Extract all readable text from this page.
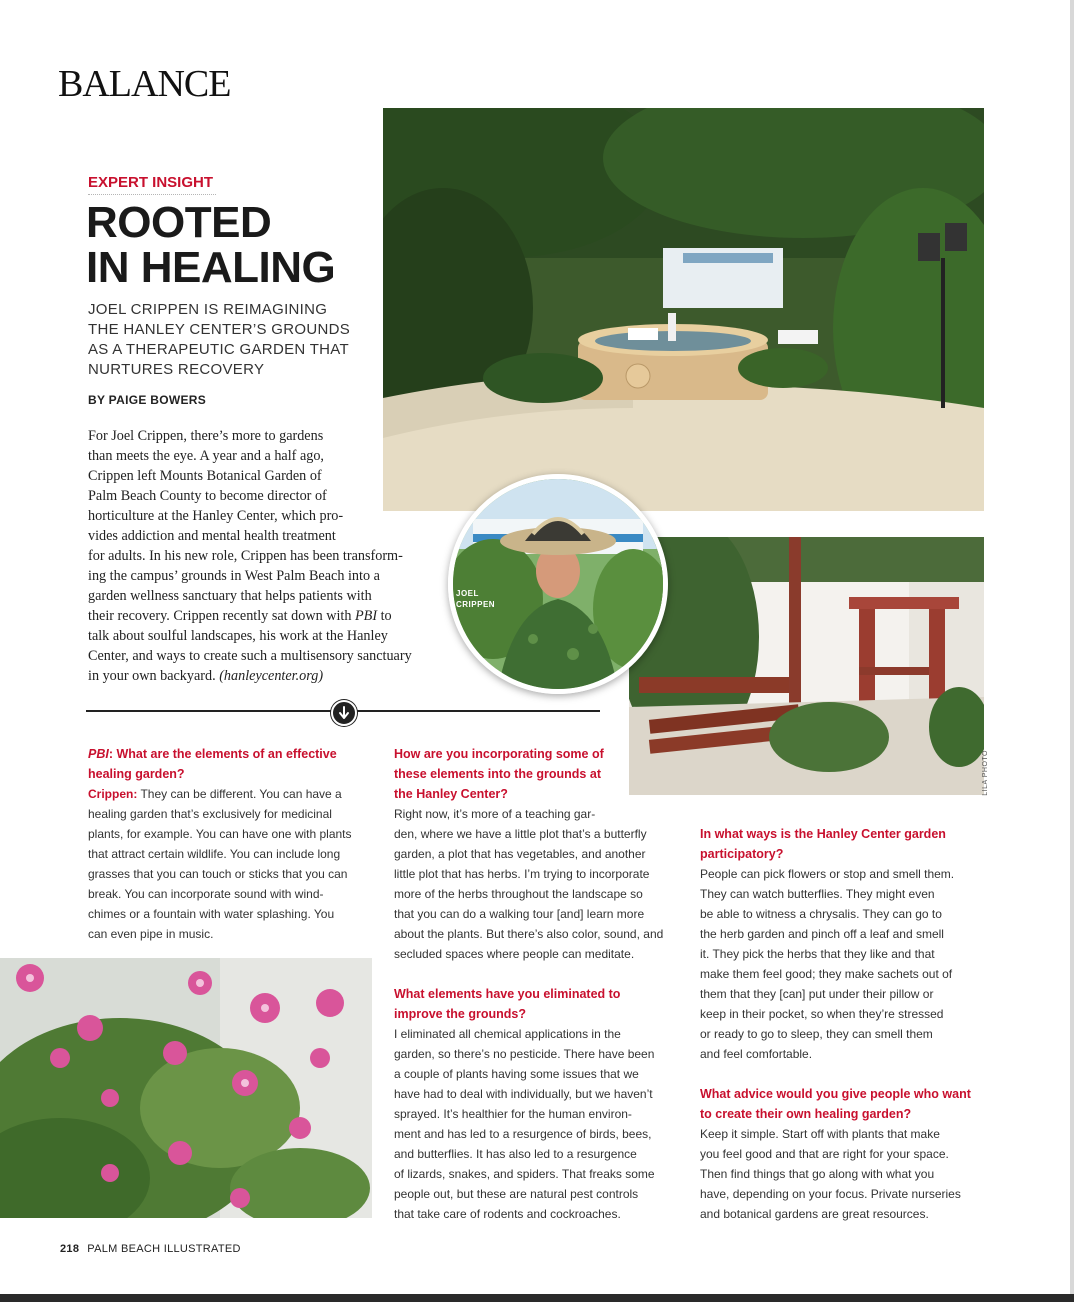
BALANCE
LILA PHOTO
JOEL
CRIPPEN
EXPERT INSIGHT
ROOTED
IN HEALING
JOEL CRIPPEN IS REIMAGINING
THE HANLEY CENTER’S GROUNDS
AS A THERAPEUTIC GARDEN THAT
NURTURES RECOVERY
BY PAIGE BOWERS
For Joel Crippen, there’s more to gardens
than meets the eye. A year and a half ago,
Crippen left Mounts Botanical Garden of
Palm Beach County to become director of
horticulture at the Hanley Center, which pro-
vides addiction and mental health treatment
for adults. In his new role, Crippen has been transform-
ing the campus’ grounds in West Palm Beach into a
garden wellness sanctuary that helps patients with
their recovery. Crippen recently sat down with PBI to
talk about soulful landscapes, his work at the Hanley
Center, and ways to create such a multisensory sanctuary
in your own backyard. (hanleycenter.org)
PBI: What are the elements of an effective
healing garden?
Crippen: They can be different. You can have a
healing garden that’s exclusively for medicinal
plants, for example. You can have one with plants
that attract certain wildlife. You can include long
grasses that you can touch or sticks that you can
break. You can incorporate sound with wind-
chimes or a fountain with water splashing. You
can even pipe in music.
How are you incorporating some of
these elements into the grounds at
the Hanley Center?
Right now, it’s more of a teaching gar-
den, where we have a little plot that’s a butterfly
garden, a plot that has vegetables, and another
little plot that has herbs. I’m trying to incorporate
more of the herbs throughout the landscape so
that you can do a walking tour [and] learn more
about the plants. But there’s also color, sound, and
secluded spaces where people can meditate.
What elements have you eliminated to
improve the grounds?
I eliminated all chemical applications in the
garden, so there’s no pesticide. There have been
a couple of plants having some issues that we
have had to deal with individually, but we haven’t
sprayed. It’s healthier for the human environ-
ment and has led to a resurgence of birds, bees,
and butterflies. It has also led to a resurgence
of lizards, snakes, and spiders. That freaks some
people out, but these are natural pest controls
that take care of rodents and cockroaches.
In what ways is the Hanley Center garden
participatory?
People can pick flowers or stop and smell them.
They can watch butterflies. They might even
be able to witness a chrysalis. They can go to
the herb garden and pinch off a leaf and smell
it. They pick the herbs that they like and that
make them feel good; they make sachets out of
them that they [can] put under their pillow or
keep in their pocket, so when they’re stressed
or ready to go to sleep, they can smell them
and feel comfortable.
What advice would you give people who want
to create their own healing garden?
Keep it simple. Start off with plants that make
you feel good and that are right for your space.
Then find things that go along with what you
have, depending on your focus. Private nurseries
and botanical gardens are great resources.
218 PALM BEACH ILLUSTRATED
